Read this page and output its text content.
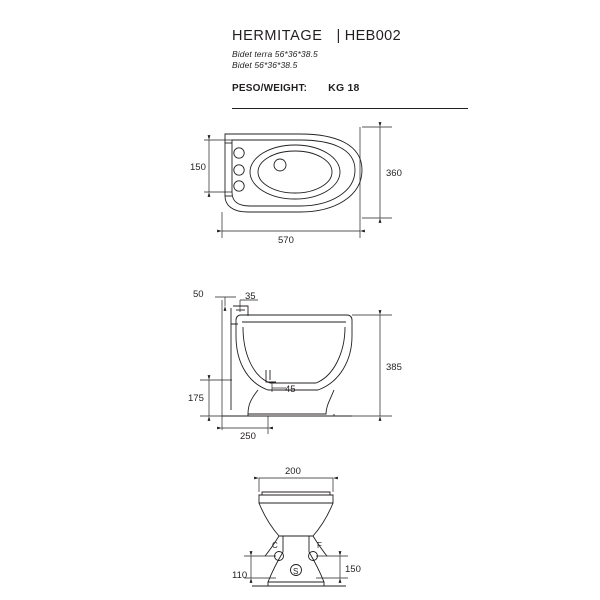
HERMITAGE | HEB002
Bidet terra 56*36*38.5
Bidet 56*36*38.5
PESO/WEIGHT: KG 18
150
360
570
50	35
385
175
45
250
200
110
150
C	F
S
